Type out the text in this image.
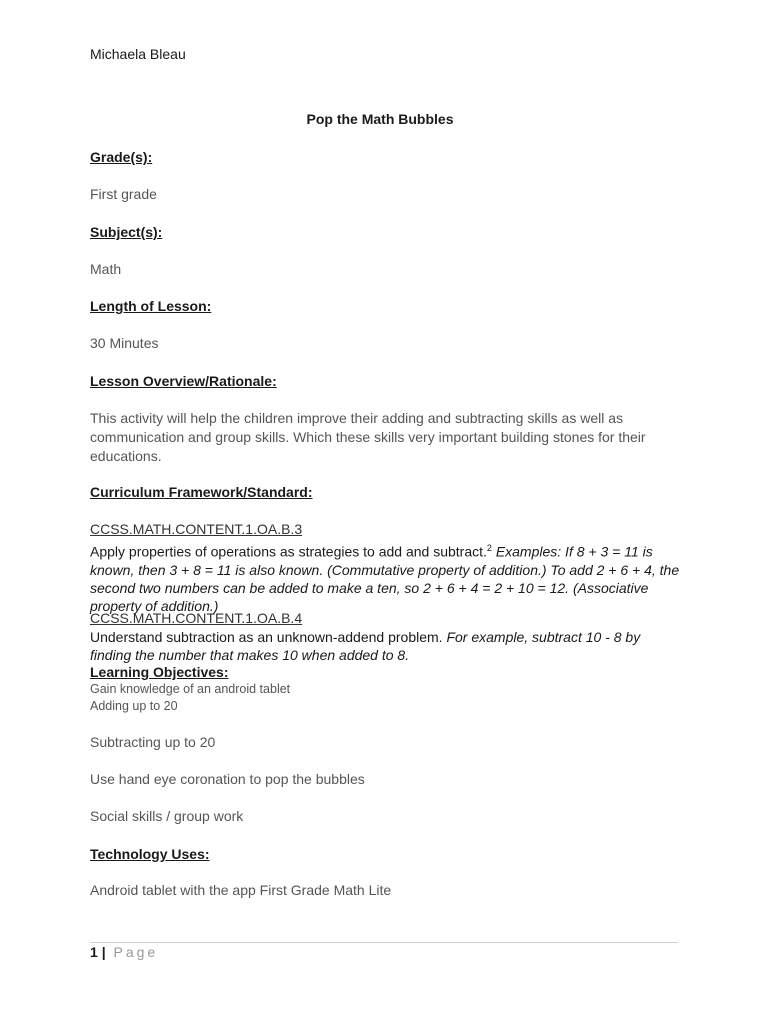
Michaela Bleau
Pop the Math Bubbles
Grade(s):
First grade
Subject(s):
Math
Length of Lesson:
30 Minutes
Lesson Overview/Rationale:
This activity will help the children improve their adding and subtracting skills as well as communication and group skills. Which these skills very important building stones for their educations.
Curriculum Framework/Standard:
CCSS.MATH.CONTENT.1.OA.B.3
Apply properties of operations as strategies to add and subtract.$^2$ Examples: If 8 + 3 = 11 is known, then 3 + 8 = 11 is also known. (Commutative property of addition.) To add 2 + 6 + 4, the second two numbers can be added to make a ten, so 2 + 6 + 4 = 2 + 10 = 12. (Associative property of addition.)
CCSS.MATH.CONTENT.1.OA.B.4
Understand subtraction as an unknown-addend problem. For example, subtract 10 - 8 by finding the number that makes 10 when added to 8.
Learning Objectives:
Gain knowledge of an android tablet
Adding up to 20
Subtracting up to 20
Use hand eye coronation to pop the bubbles
Social skills / group work
Technology Uses:
Android tablet with the app First Grade Math Lite
1 | Page
